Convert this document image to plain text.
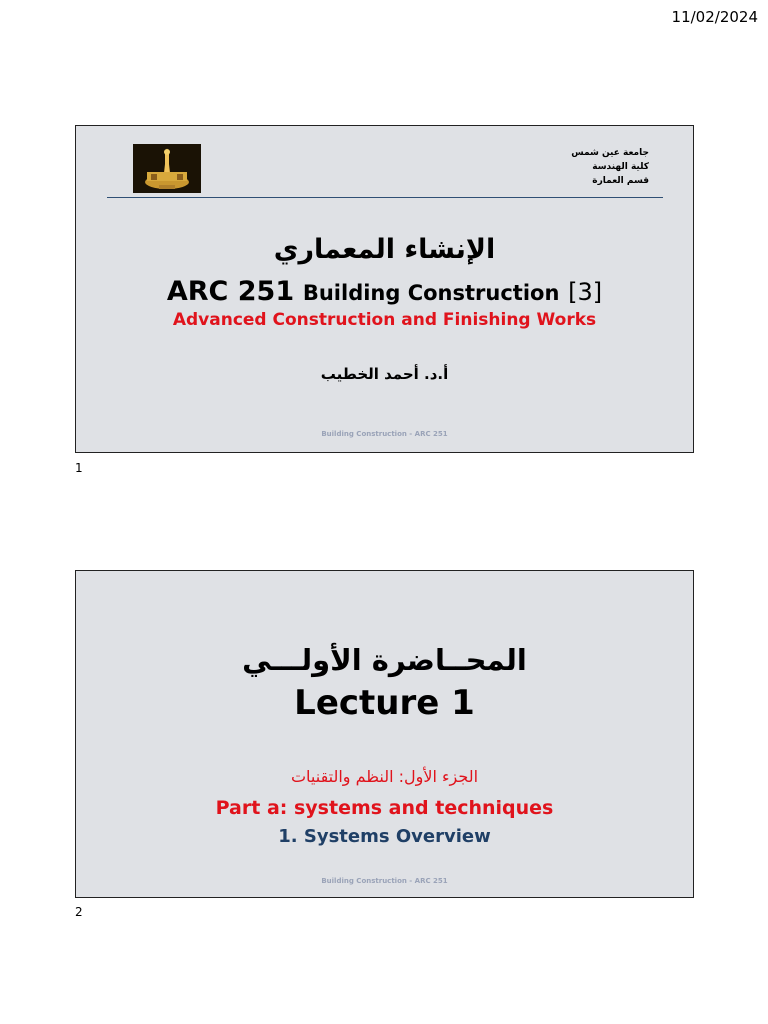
11/02/2024
جامعة عين شمس
كلية الهندسة
قسم العمارة
الإنشاء المعماري
ARC 251 Building Construction [3]
Advanced Construction and Finishing Works
أ.د. أحمد الخطيب
Building Construction - ARC 251
1
المحــاضرة الأولـــي
Lecture 1
الجزء الأول: النظم والتقنيات
Part a: systems and techniques
1. Systems Overview
Building Construction - ARC 251
2
